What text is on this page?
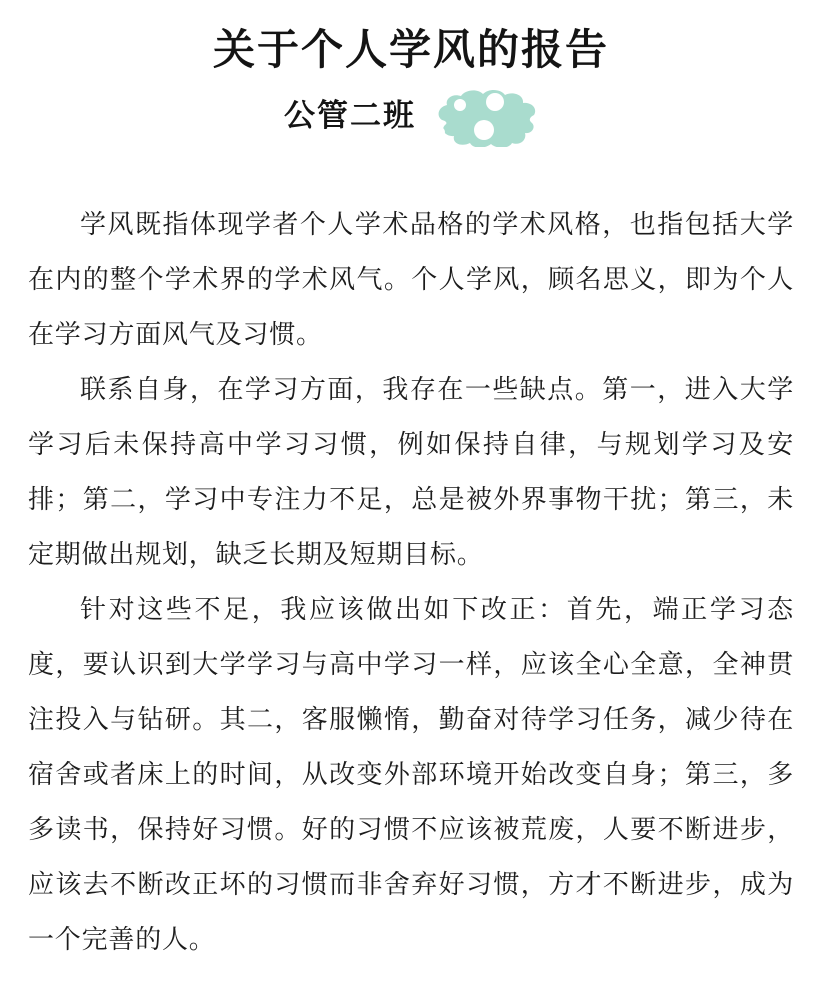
关于个人学风的报告
公管二班

学风既指体现学者个人学术品格的学术风格，也指包括大学在内的整个学术界的学术风气。个人学风，顾名思义，即为个人在学习方面风气及习惯。

联系自身，在学习方面，我存在一些缺点。第一，进入大学学习后未保持高中学习习惯，例如保持自律，与规划学习及安排；第二，学习中专注力不足，总是被外界事物干扰；第三，未定期做出规划，缺乏长期及短期目标。

针对这些不足，我应该做出如下改正：首先，端正学习态度，要认识到大学学习与高中学习一样，应该全心全意，全神贯注投入与钻研。其二，客服懒惰，勤奋对待学习任务，减少待在宿舍或者床上的时间，从改变外部环境开始改变自身；第三，多多读书，保持好习惯。好的习惯不应该被荒废，人要不断进步，应该去不断改正坏的习惯而非舍弃好习惯，方才不断进步，成为一个完善的人。
